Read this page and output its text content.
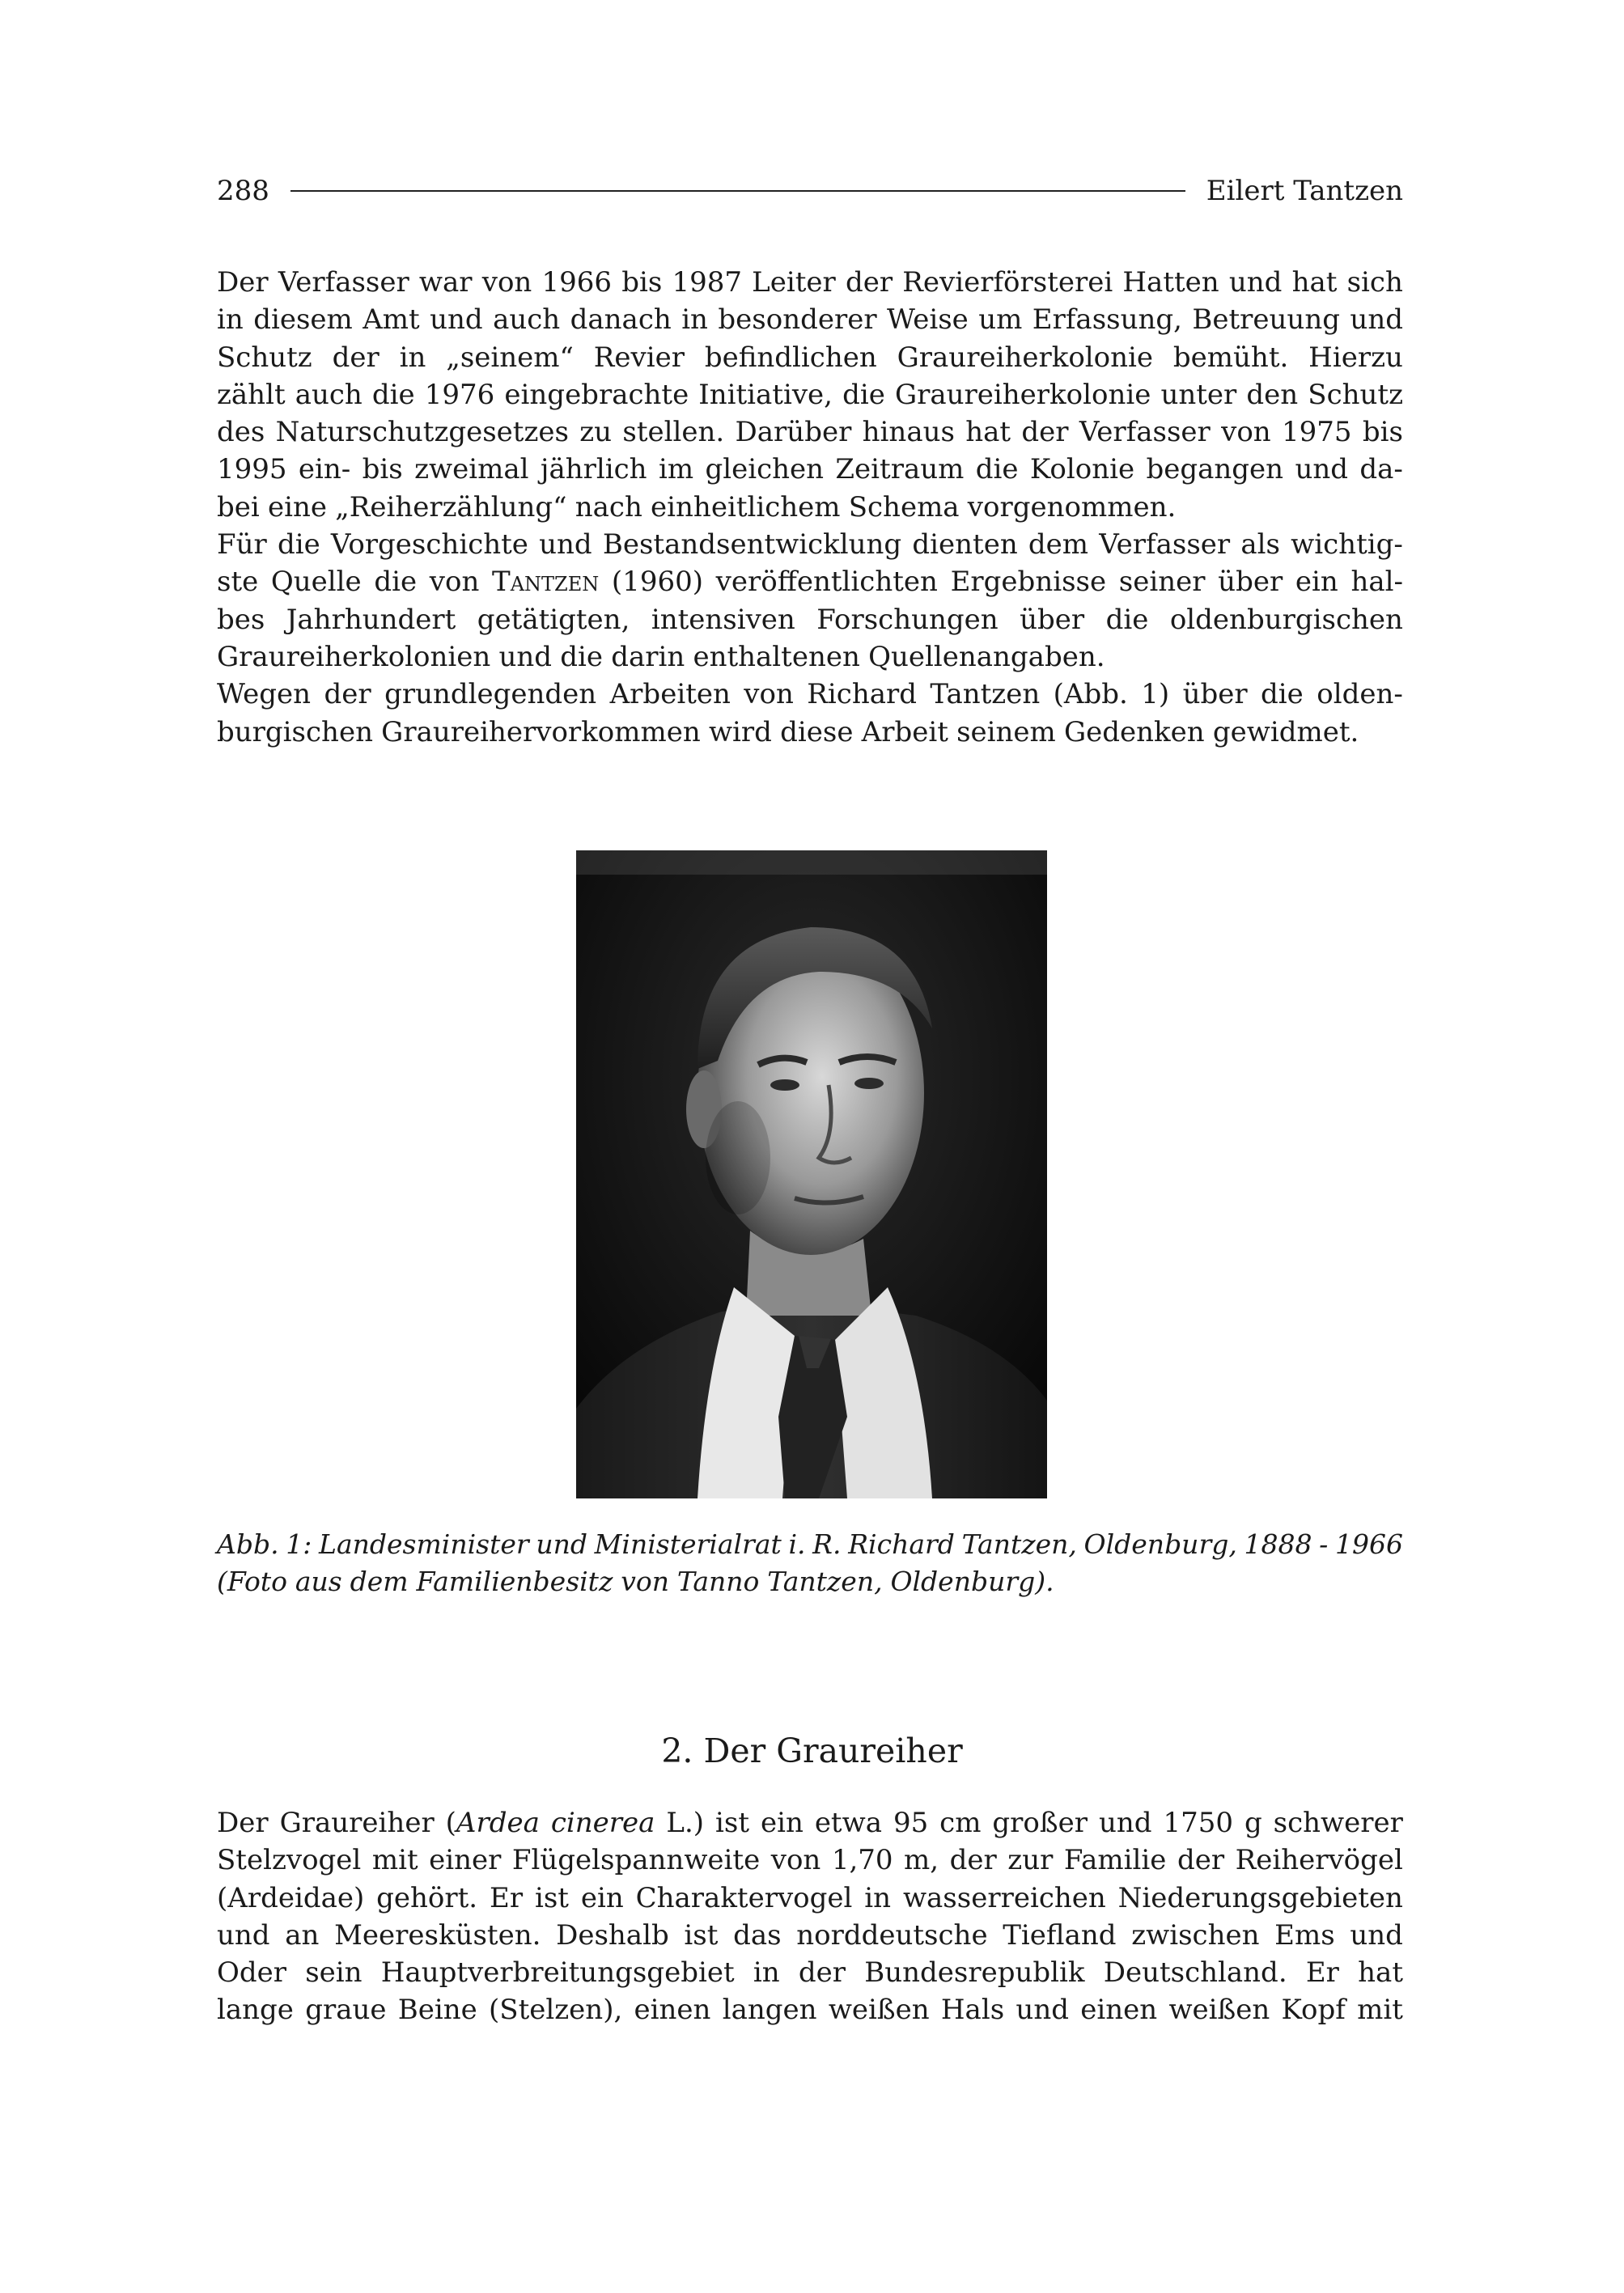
288	Eilert Tantzen
Der Verfasser war von 1966 bis 1987 Leiter der Revierförsterei Hatten und hat sich
in diesem Amt und auch danach in besonderer Weise um Erfassung, Betreuung und
Schutz der in „seinem“ Revier befindlichen Graureiherkolonie bemüht. Hierzu
zählt auch die 1976 eingebrachte Initiative, die Graureiherkolonie unter den Schutz
des Naturschutzgesetzes zu stellen. Darüber hinaus hat der Verfasser von 1975 bis
1995 ein- bis zweimal jährlich im gleichen Zeitraum die Kolonie begangen und da-
bei eine „Reiherzählung“ nach einheitlichem Schema vorgenommen.
Für die Vorgeschichte und Bestandsentwicklung dienten dem Verfasser als wichtig-
ste Quelle die von Tantzen (1960) veröffentlichten Ergebnisse seiner über ein hal-
bes Jahrhundert getätigten, intensiven Forschungen über die oldenburgischen
Graureiherkolonien und die darin enthaltenen Quellenangaben.
Wegen der grundlegenden Arbeiten von Richard Tantzen (Abb. 1) über die olden-
burgischen Graureihervorkommen wird diese Arbeit seinem Gedenken gewidmet.
Abb. 1: Landesminister und Ministerialrat i. R. Richard Tantzen, Oldenburg, 1888 - 1966
(Foto aus dem Familienbesitz von Tanno Tantzen, Oldenburg).
2. Der Graureiher
Der Graureiher (Ardea cinerea L.) ist ein etwa 95 cm großer und 1750 g schwerer
Stelzvogel mit einer Flügelspannweite von 1,70 m, der zur Familie der Reihervögel
(Ardeidae) gehört. Er ist ein Charaktervogel in wasserreichen Niederungsgebieten
und an Meeresküsten. Deshalb ist das norddeutsche Tiefland zwischen Ems und
Oder sein Hauptverbreitungsgebiet in der Bundesrepublik Deutschland. Er hat
lange graue Beine (Stelzen), einen langen weißen Hals und einen weißen Kopf mit
